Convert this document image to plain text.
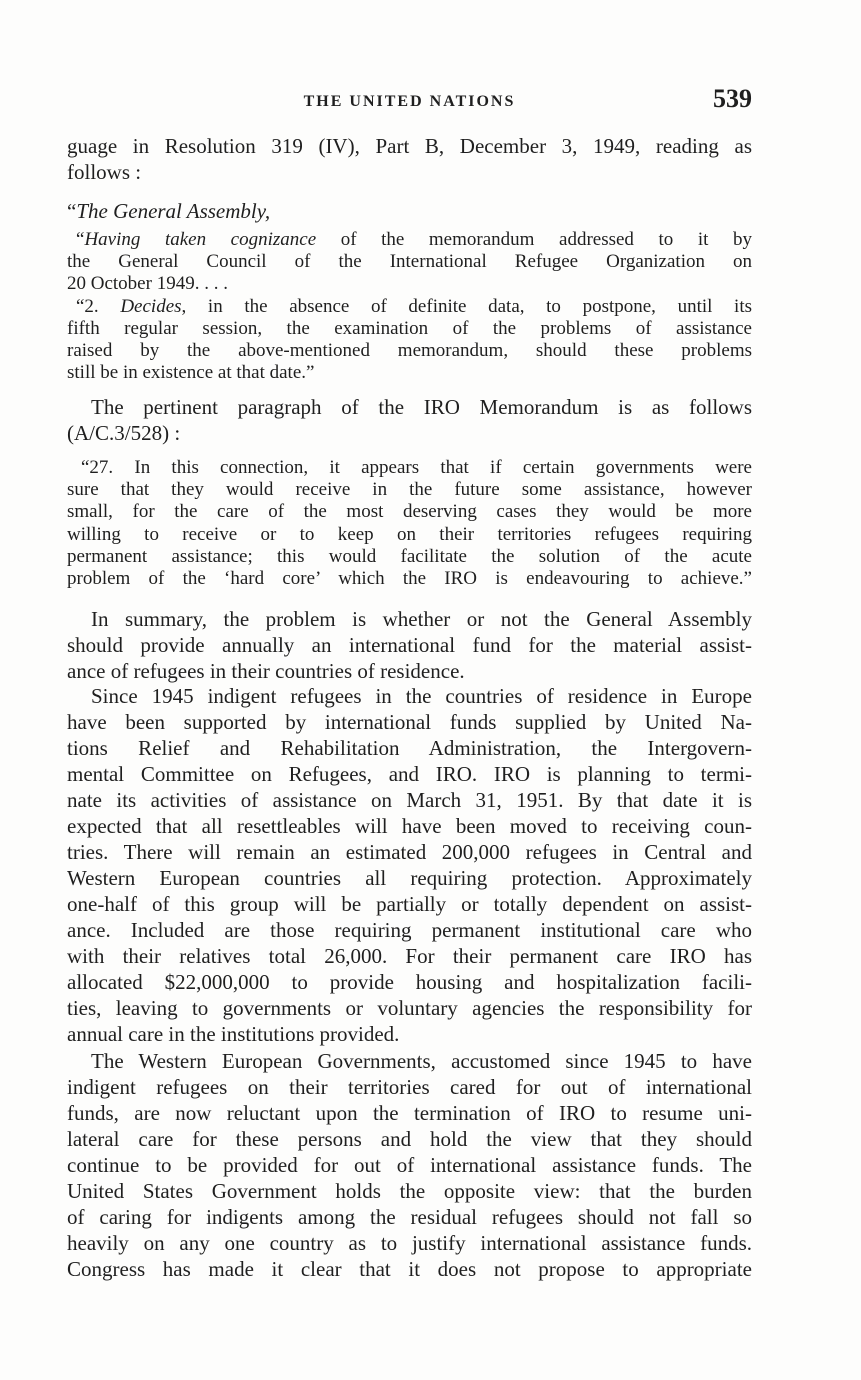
THE UNITED NATIONS	539
guage in Resolution 319 (IV), Part B, December 3, 1949, reading as
follows :
“The General Assembly,
“Having taken cognizance of the memorandum addressed to it by
the General Council of the International Refugee Organization on
20 October 1949. . . .
“2. Decides, in the absence of definite data, to postpone, until its
fifth regular session, the examination of the problems of assistance
raised by the above-mentioned memorandum, should these problems
still be in existence at that date.”
The pertinent paragraph of the IRO Memorandum is as follows
(A/C.3/528) :
“27. In this connection, it appears that if certain governments were
sure that they would receive in the future some assistance, however
small, for the care of the most deserving cases they would be more
willing to receive or to keep on their territories refugees requiring
permanent assistance; this would facilitate the solution of the acute
problem of the ‘hard core’ which the IRO is endeavouring to achieve.”
In summary, the problem is whether or not the General Assembly
should provide annually an international fund for the material assist-
ance of refugees in their countries of residence.
Since 1945 indigent refugees in the countries of residence in Europe
have been supported by international funds supplied by United Na-
tions Relief and Rehabilitation Administration, the Intergovern-
mental Committee on Refugees, and IRO. IRO is planning to termi-
nate its activities of assistance on March 31, 1951. By that date it is
expected that all resettleables will have been moved to receiving coun-
tries. There will remain an estimated 200,000 refugees in Central and
Western European countries all requiring protection. Approximately
one-half of this group will be partially or totally dependent on assist-
ance. Included are those requiring permanent institutional care who
with their relatives total 26,000. For their permanent care IRO has
allocated $22,000,000 to provide housing and hospitalization facili-
ties, leaving to governments or voluntary agencies the responsibility for
annual care in the institutions provided.
The Western European Governments, accustomed since 1945 to have
indigent refugees on their territories cared for out of international
funds, are now reluctant upon the termination of IRO to resume uni-
lateral care for these persons and hold the view that they should
continue to be provided for out of international assistance funds. The
United States Government holds the opposite view: that the burden
of caring for indigents among the residual refugees should not fall so
heavily on any one country as to justify international assistance funds.
Congress has made it clear that it does not propose to appropriate
